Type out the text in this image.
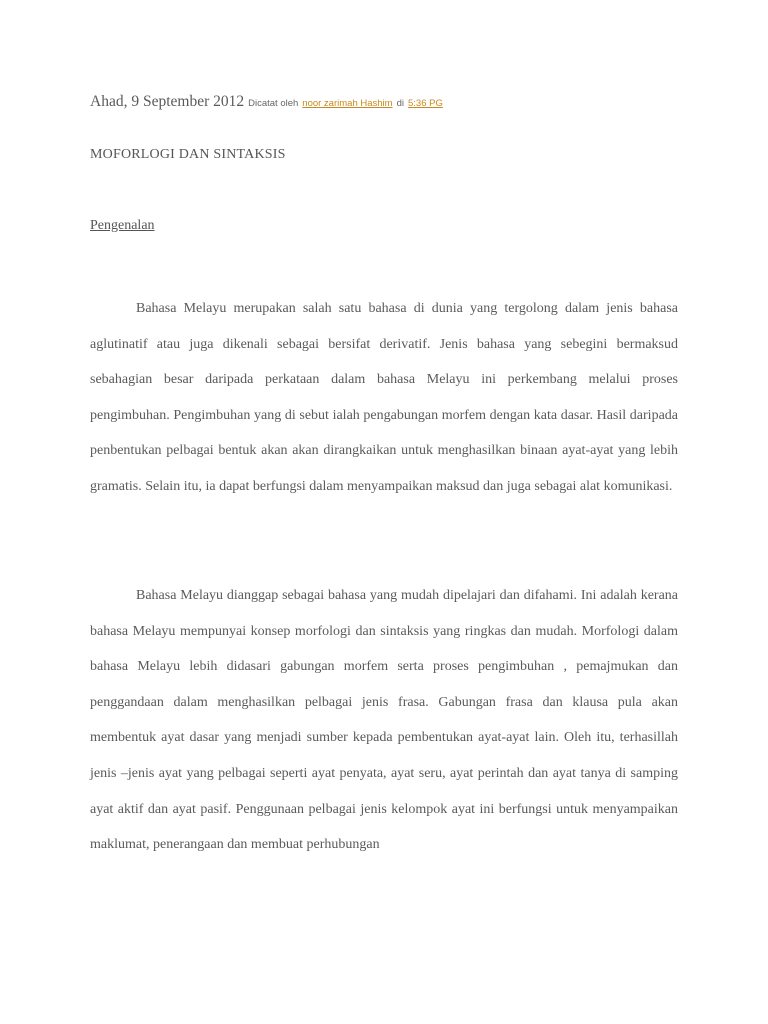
Ahad, 9 September 2012 Dicatat oleh noor zarimah Hashim di 5:36 PG
MOFORLOGI DAN SINTAKSIS
Pengenalan

Bahasa Melayu merupakan salah satu bahasa di dunia yang tergolong dalam jenis bahasa aglutinatif atau juga dikenali sebagai bersifat derivatif. Jenis bahasa yang sebegini bermaksud sebahagian besar daripada perkataan dalam bahasa Melayu ini perkembang melalui proses pengimbuhan. Pengimbuhan yang di sebut ialah pengabungan morfem dengan kata dasar. Hasil daripada penbentukan pelbagai bentuk akan akan dirangkaikan untuk menghasilkan binaan ayat-ayat yang lebih gramatis. Selain itu, ia dapat berfungsi dalam menyampaikan maksud dan juga sebagai alat komunikasi.

Bahasa Melayu dianggap sebagai bahasa yang mudah dipelajari dan difahami. Ini adalah kerana bahasa Melayu mempunyai konsep morfologi dan sintaksis yang ringkas dan mudah. Morfologi dalam bahasa Melayu lebih didasari gabungan morfem serta proses pengimbuhan , pemajmukan dan penggandaan dalam menghasilkan pelbagai jenis frasa. Gabungan frasa dan klausa pula akan membentuk ayat dasar yang menjadi sumber kepada pembentukan ayat-ayat lain. Oleh itu, terhasillah jenis –jenis ayat yang pelbagai seperti ayat penyata, ayat seru, ayat perintah dan ayat tanya di samping ayat aktif dan ayat pasif. Penggunaan pelbagai jenis kelompok ayat ini berfungsi untuk menyampaikan maklumat, penerangaan dan membuat perhubungan
